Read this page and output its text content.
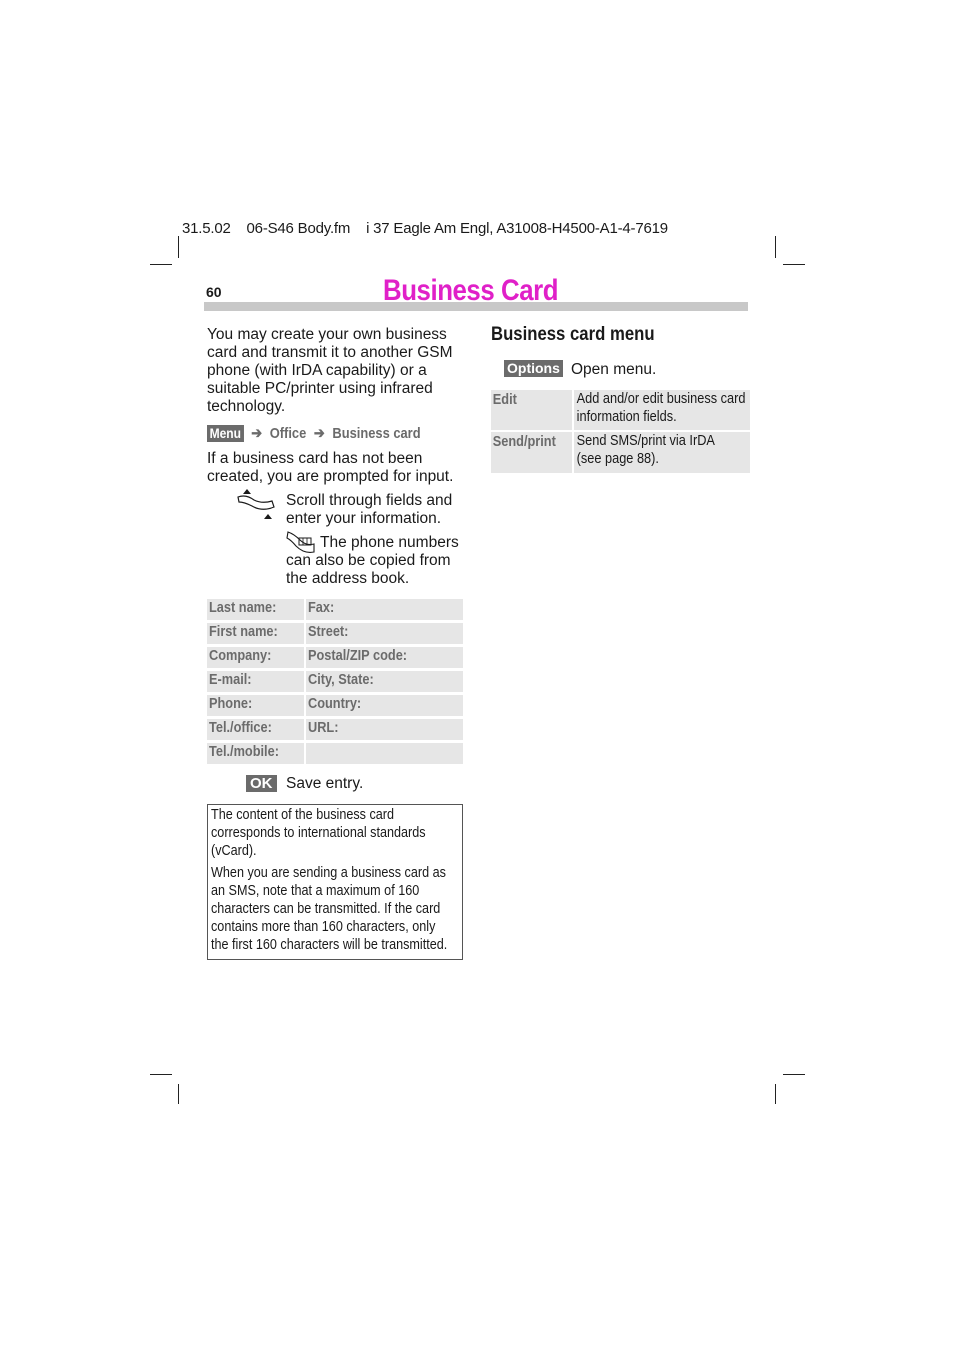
31.5.02 06-S46 Body.fm i 37 Eagle Am Engl, A31008-H4500-A1-4-7619
60	Business Card
You may create your own business
card and transmit it to another GSM
phone (with IrDA capability) or a
suitable PC/printer using infrared
technology.
Menu ➔ Office ➔ Business card
If a business card has not been
created, you are prompted for input.
Scroll through fields and
enter your information.
The phone numbers
can also be copied from
the address book.
Last name:	Fax:
First name:	Street:
Company:	Postal/ZIP code:
E-mail:	City, State:
Phone:	Country:
Tel./office:	URL:
Tel./mobile:
OK Save entry.
The content of the business card
corresponds to international standards
(vCard).
When you are sending a business card as
an SMS, note that a maximum of 160
characters can be transmitted. If the card
contains more than 160 characters, only
the first 160 characters will be transmitted.
Business card menu
Options Open menu.
Edit	Add and/or edit business card
information fields.
Send/print	Send SMS/print via IrDA
(see page 88).
